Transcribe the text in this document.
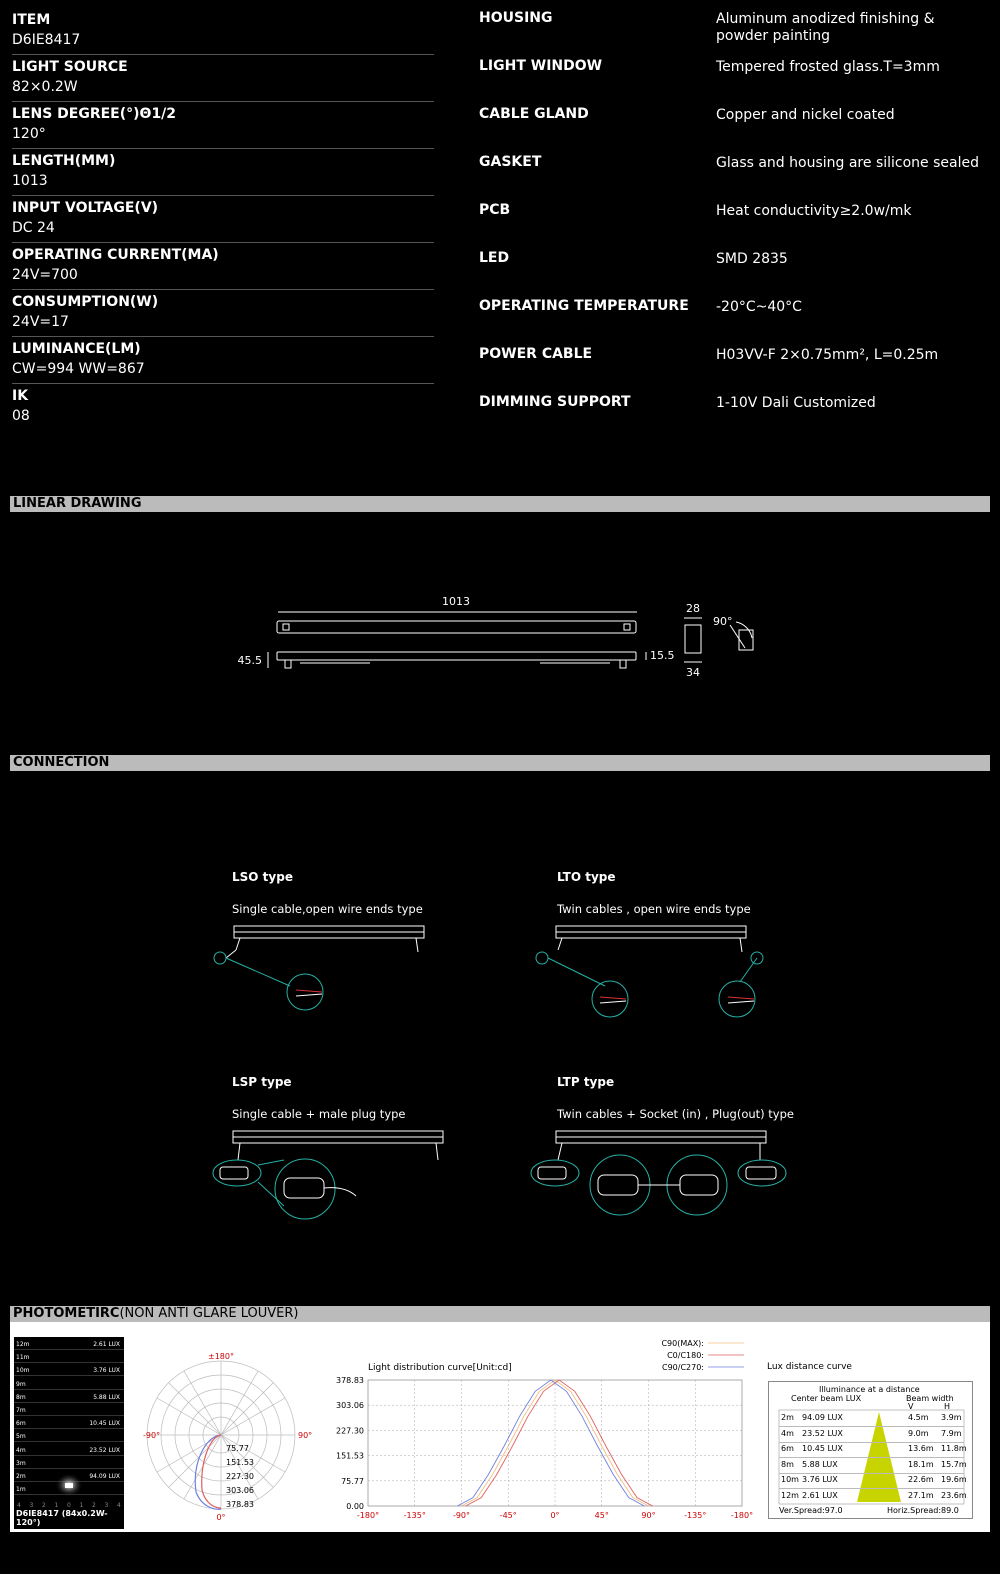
ITEM
D6IE8417
LIGHT SOURCE
82×0.2W
LENS DEGREE(°)Θ1/2
120°
LENGTH(MM)
1013
INPUT VOLTAGE(V)
DC 24
OPERATING CURRENT(MA)
24V=700
CONSUMPTION(W)
24V=17
LUMINANCE(LM)
CW=994 WW=867
IK
08
HOUSING	Aluminum anodized finishing & powder painting
LIGHT WINDOW	Tempered frosted glass.T=3mm
CABLE GLAND	Copper and nickel coated
GASKET	Glass and housing are silicone sealed
PCB	Heat conductivity≥2.0w/mk
LED	SMD 2835
OPERATING TEMPERATURE	-20°C~40°C
POWER CABLE	H03VV-F 2×0.75mm², L=0.25m
DIMMING SUPPORT	1-10V Dali Customized
LINEAR DRAWING
1013
45.5	15.5
28
34
90°
CONNECTION
LSO type
Single cable,open wire ends type
LTO type
Twin cables , open wire ends type
LSP type
Single cable + male plug type
LTP type
Twin cables + Socket (in) , Plug(out) type
PHOTOMETIRC(NON ANTI GLARE LOUVER)
12m	2.61 LUX
11m
10m	3.76 LUX
9m
8m	5.88 LUX
7m
6m	10.45 LUX
5m
4m	23.52 LUX
3m
2m	94.09 LUX
1m
4 3 2 1 0 1 2 3 4
D6IE8417 (84x0.2W-120°)
±180°
-90°	90°
0°
75.77
151.53
227.30
303.06
378.83
Light distribution curve[Unit:cd]
C90(MAX):
C0/C180:
C90/C270:
378.83
303.06
227.30
151.53
75.77
0.00
-180°	-135°	-90°	-45°	0°	45°	90°	-135°	-180°
Lux distance curve
Illuminance at a distance
Center beam LUX	Beam width
V	H
2m 94.09 LUX	4.5m 3.9m
4m 23.52 LUX	9.0m 7.9m
6m 10.45 LUX	13.6m 11.8m
8m 5.88 LUX	18.1m 15.7m
10m 3.76 LUX	22.6m 19.6m
12m 2.61 LUX	27.1m 23.6m
Ver.Spread:97.0	Horiz.Spread:89.0
